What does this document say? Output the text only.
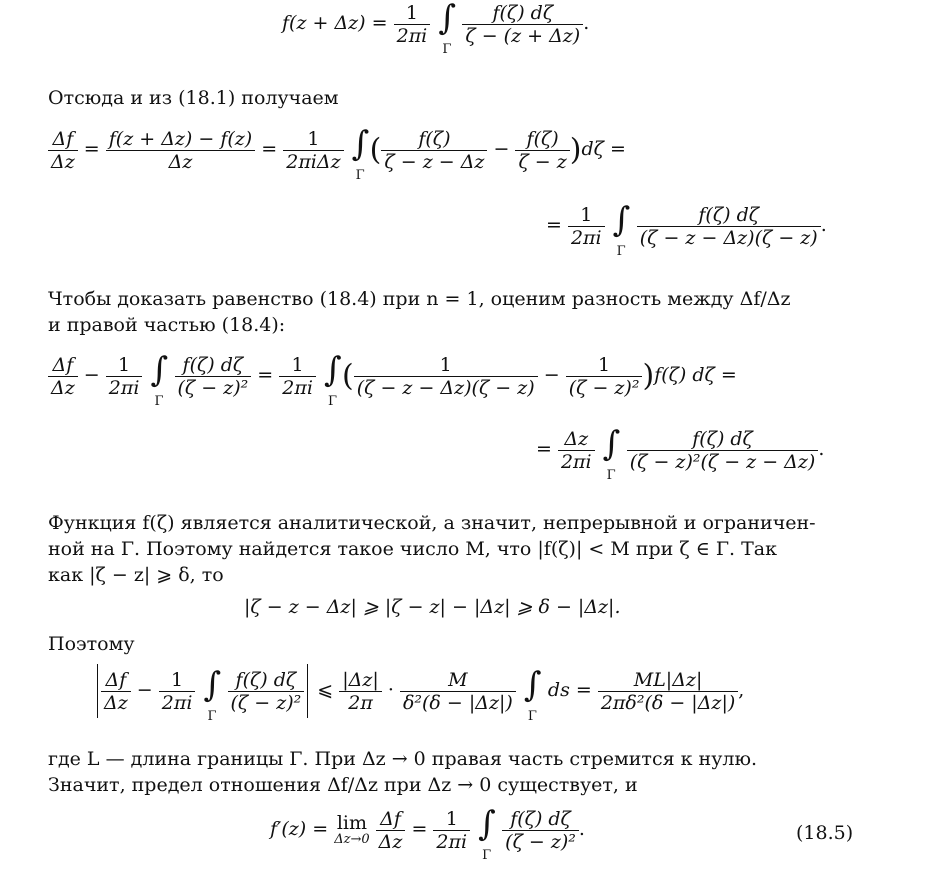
$f(z + \Delta z) = \frac{1}{2\pi i}$
∫
Γ

$\frac{f(\zeta) d\zeta}{\zeta - (z + \Delta z)}$ .
Отсюда и из (18.1) получаем
$\frac{\Delta f}{\Delta z} = \frac{f(z + \Delta z) - f(z)}{\Delta z} = \frac{1}{\text{2πiΔz}}$
∫
Γ
( $\frac{f(\zeta)}{\zeta - z - \Delta z} - \frac{f(\zeta)}{\zeta - z} )d\zeta$ =
= $\frac{1}{2\pi i}$
∫
Γ

$\frac{f(\zeta) d\zeta}{(\zeta - z - \Delta z)(\zeta - z)}$ .
Чтобы доказать равенство (18.4) при n = 1, оценим разность между Δf/Δz
и правой частью (18.4):
$\frac{\Delta f}{\Delta z} - \frac{1}{2\pi i}$
∫
Γ

$\frac{f(\zeta) d\zeta}{\text{(ζ − z)²}} = \frac{1}{2\pi i}$
∫
Γ
( $\frac{1}{(\zeta - z - \Delta z)(\zeta - z)} - \frac{1}{\text{(ζ − z)²}} )f(\zeta)$ dζ =
= $\frac{\Delta z}{2\pi i}$
∫
Γ

$\frac{f(\zeta) d\zeta}{\text{(ζ − z)²(ζ − z − Δz)}}$ .
Функция f(ζ) является аналитической, а значит, непрерывной и ограничен-
ной на Γ. Поэтому найдется такое число M, что |f(ζ)| < M при ζ ∈ Γ. Так
как |ζ − z| ⩾ δ, то
|ζ − z − Δz| ⩾ |ζ − z| − |Δz| ⩾ δ − |Δz|.
Поэтому
$\frac{\Delta f}{\Delta z} - \frac{1}{2\pi i}$
∫
Γ

$\frac{f(\zeta) d\zeta}{\text{(ζ − z)²}}$ ⩽ $\frac{|\Delta z|}{2\pi} \cdot \frac{M}{\text{δ²(δ − |Δz|)}}$
∫
Γ
ds = $\frac{ML|\Delta z|}{\text{2πδ²(δ − |Δz|)}}$ ,
где L — длина границы Γ. При Δz → 0 правая часть стремится к нулю.
Значит, предел отношения Δf/Δz при Δz → 0 существует, и
f′(z) = lim
Δz→0
$\frac{\Delta f}{\Delta z} = \frac{1}{2\pi i}$
∫
Γ

$\frac{f(\zeta) d\zeta}{\text{(ζ − z)²}}$ .	(18.5)
